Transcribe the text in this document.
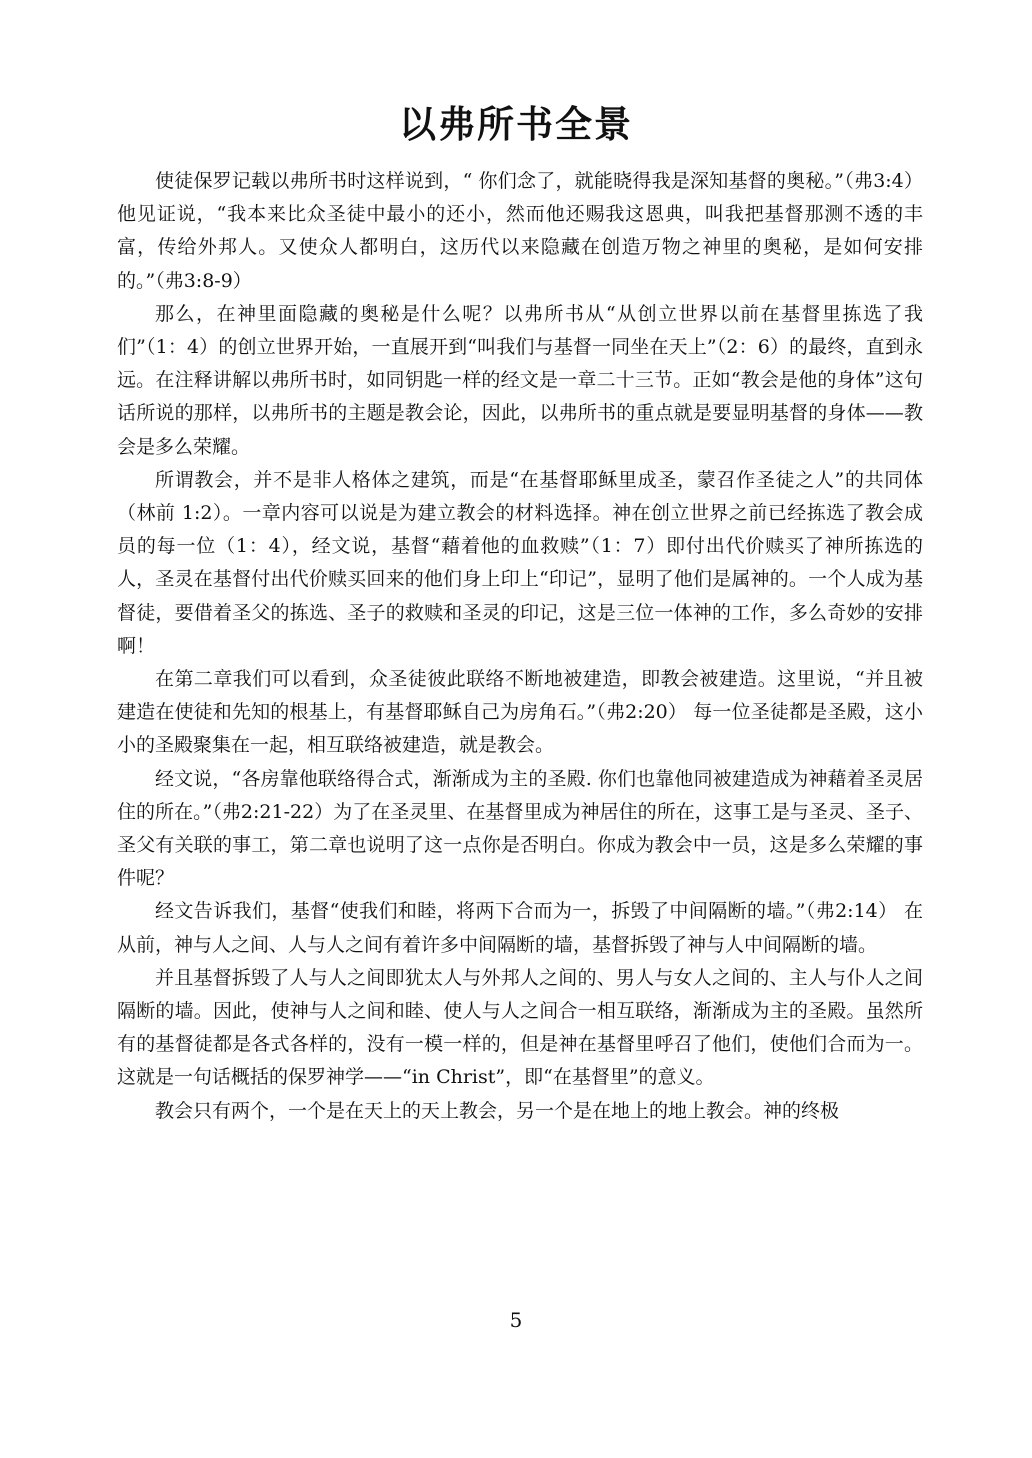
以弗所书全景

使徒保罗记载以弗所书时这样说到，“ 你们念了，就能晓得我是深知基督的奥秘。”（弗3:4） 他见证说，“我本来比众圣徒中最小的还小，然而他还赐我这恩典，叫我把基督那测不透的丰富，传给外邦人。又使众人都明白，这历代以来隐藏在创造万物之神里的奥秘，是如何安排的。”（弗3:8-9）

那么，在神里面隐藏的奥秘是什么呢？以弗所书从“从创立世界以前在基督里拣选了我们”（1：4）的创立世界开始，一直展开到“叫我们与基督一同坐在天上”（2：6）的最终，直到永远。在注释讲解以弗所书时，如同钥匙一样的经文是一章二十三节。正如“教会是他的身体”这句话所说的那样，以弗所书的主题是教会论，因此，以弗所书的重点就是要显明基督的身体——教会是多么荣耀。

所谓教会，并不是非人格体之建筑，而是“在基督耶稣里成圣，蒙召作圣徒之人”的共同体（林前 1:2）。一章内容可以说是为建立教会的材料选择。神在创立世界之前已经拣选了教会成员的每一位（1：4），经文说，基督“藉着他的血救赎”（1：7）即付出代价赎买了神所拣选的人，圣灵在基督付出代价赎买回来的他们身上印上“印记”，显明了他们是属神的。一个人成为基督徒，要借着圣父的拣选、圣子的救赎和圣灵的印记，这是三位一体神的工作，多么奇妙的安排啊！

在第二章我们可以看到，众圣徒彼此联络不断地被建造，即教会被建造。这里说，“并且被建造在使徒和先知的根基上，有基督耶稣自己为房角石。”（弗2:20） 每一位圣徒都是圣殿，这小小的圣殿聚集在一起，相互联络被建造，就是教会。

经文说，“各房靠他联络得合式，渐渐成为主的圣殿. 你们也靠他同被建造成为神藉着圣灵居住的所在。”（弗2:21-22）为了在圣灵里、在基督里成为神居住的所在，这事工是与圣灵、圣子、圣父有关联的事工，第二章也说明了这一点你是否明白。你成为教会中一员，这是多么荣耀的事件呢？

经文告诉我们，基督“使我们和睦，将两下合而为一，拆毁了中间隔断的墙。”（弗2:14） 在从前，神与人之间、人与人之间有着许多中间隔断的墙，基督拆毁了神与人中间隔断的墙。

并且基督拆毁了人与人之间即犹太人与外邦人之间的、男人与女人之间的、主人与仆人之间隔断的墙。因此，使神与人之间和睦、使人与人之间合一相互联络，渐渐成为主的圣殿。虽然所有的基督徒都是各式各样的，没有一模一样的，但是神在基督里呼召了他们，使他们合而为一。这就是一句话概括的保罗神学——“in Christ”，即“在基督里”的意义。

教会只有两个，一个是在天上的天上教会，另一个是在地上的地上教会。神的终极

5
